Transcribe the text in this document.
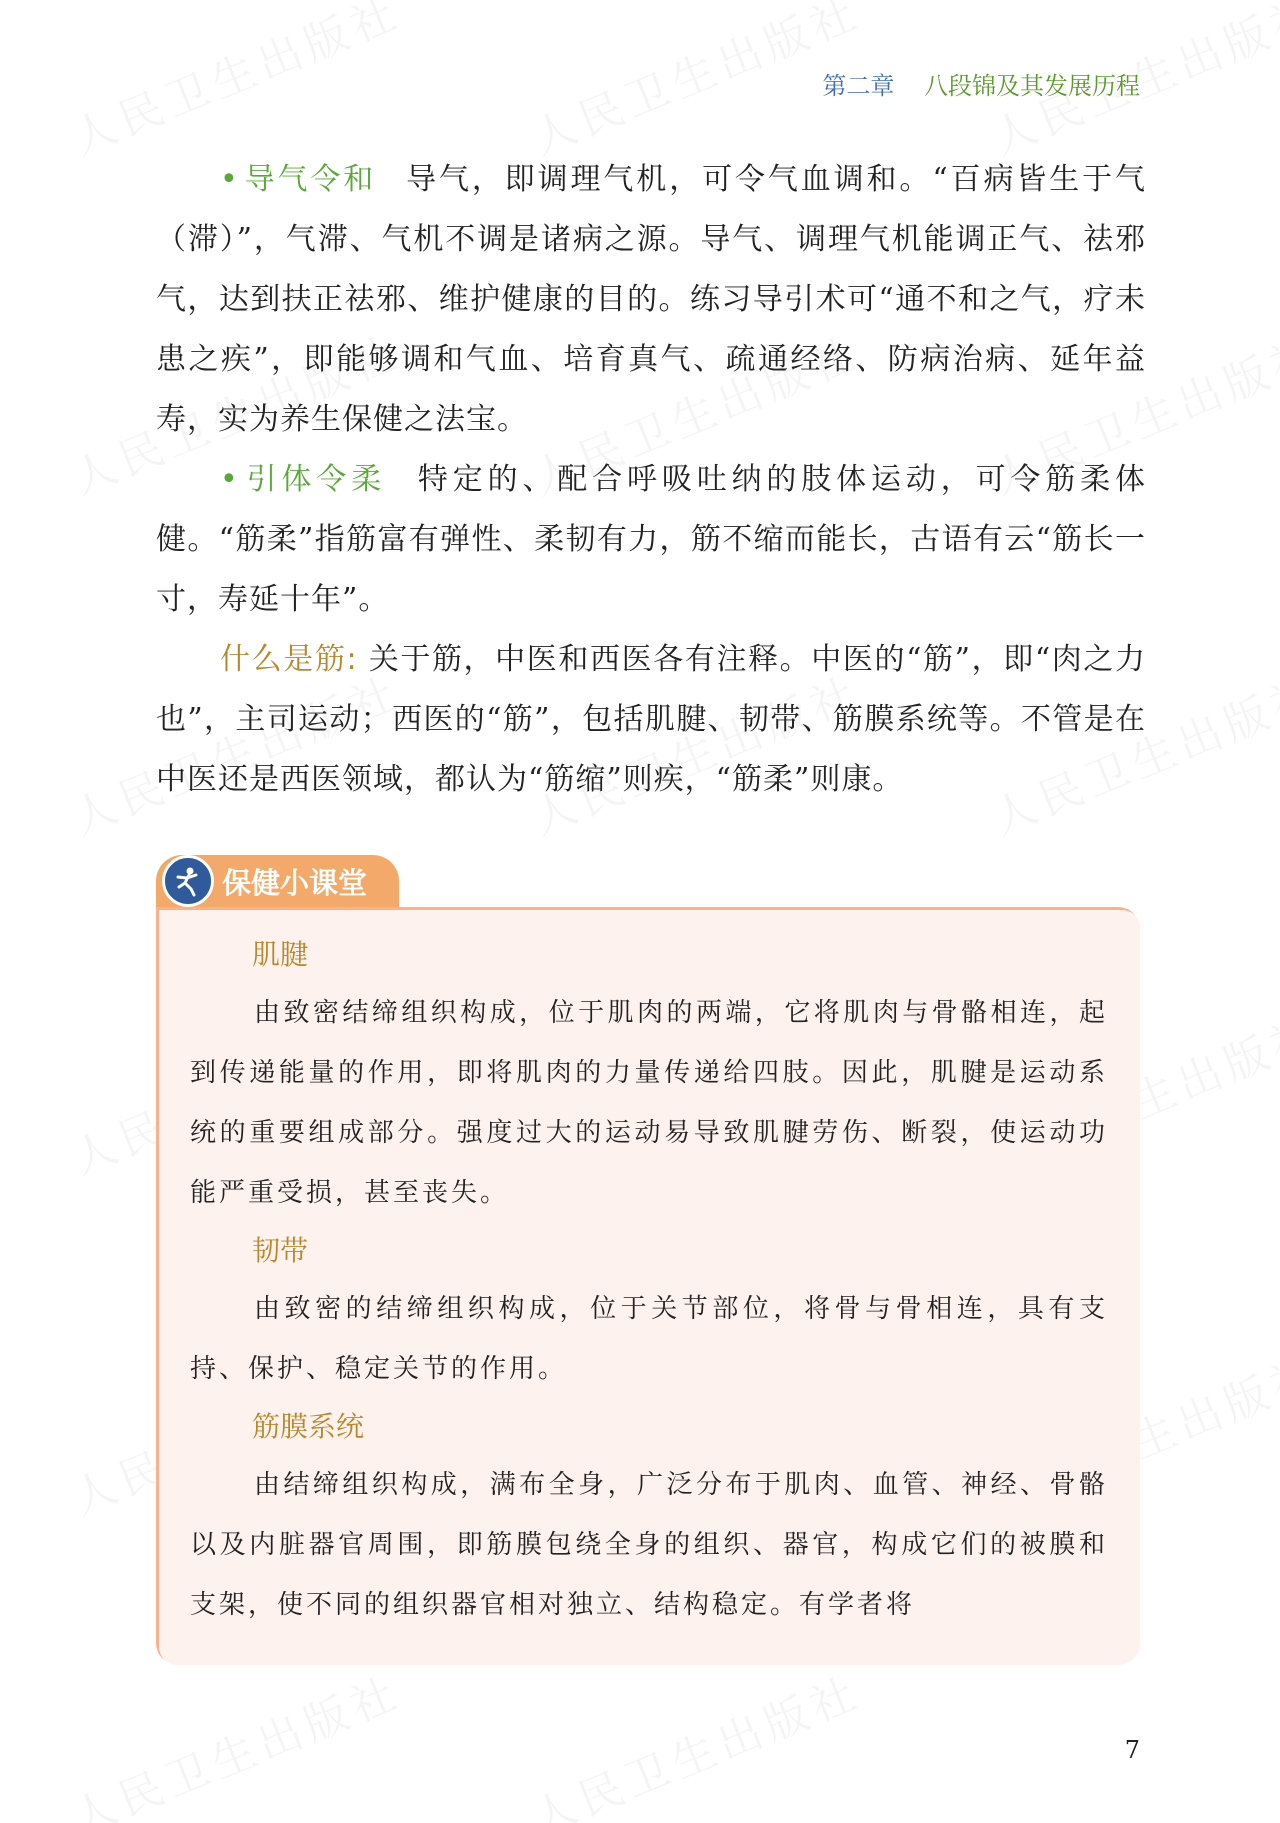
第二章 八段锦及其发展历程

• 导气令和 导气，即调理气机，可令气血调和。“百病皆生于气（滞）”，气滞、气机不调是诸病之源。导气、调理气机能调正气、祛邪气，达到扶正祛邪、维护健康的目的。练习导引术可“通不和之气，疗未患之疾”，即能够调和气血、培育真气、疏通经络、防病治病、延年益寿，实为养生保健之法宝。

• 引体令柔 特定的、配合呼吸吐纳的肢体运动，可令筋柔体健。“筋柔”指筋富有弹性、柔韧有力，筋不缩而能长，古语有云“筋长一寸，寿延十年”。

什么是筋: 关于筋，中医和西医各有注释。中医的“筋”，即“肉之力也”，主司运动；西医的“筋”，包括肌腱、韧带、筋膜系统等。不管是在中医还是西医领域，都认为“筋缩”则疾，“筋柔”则康。

保健小课堂
肌腱

由致密结缔组织构成，位于肌肉的两端，它将肌肉与骨骼相连，起到传递能量的作用，即将肌肉的力量传递给四肢。因此，肌腱是运动系统的重要组成部分。强度过大的运动易导致肌腱劳伤、断裂，使运动功能严重受损，甚至丧失。

韧带

由致密的结缔组织构成，位于关节部位，将骨与骨相连，具有支持、保护、稳定关节的作用。

筋膜系统

由结缔组织构成，满布全身，广泛分布于肌肉、血管、神经、骨骼以及内脏器官周围，即筋膜包绕全身的组织、器官，构成它们的被膜和支架，使不同的组织器官相对独立、结构稳定。有学者将

7
